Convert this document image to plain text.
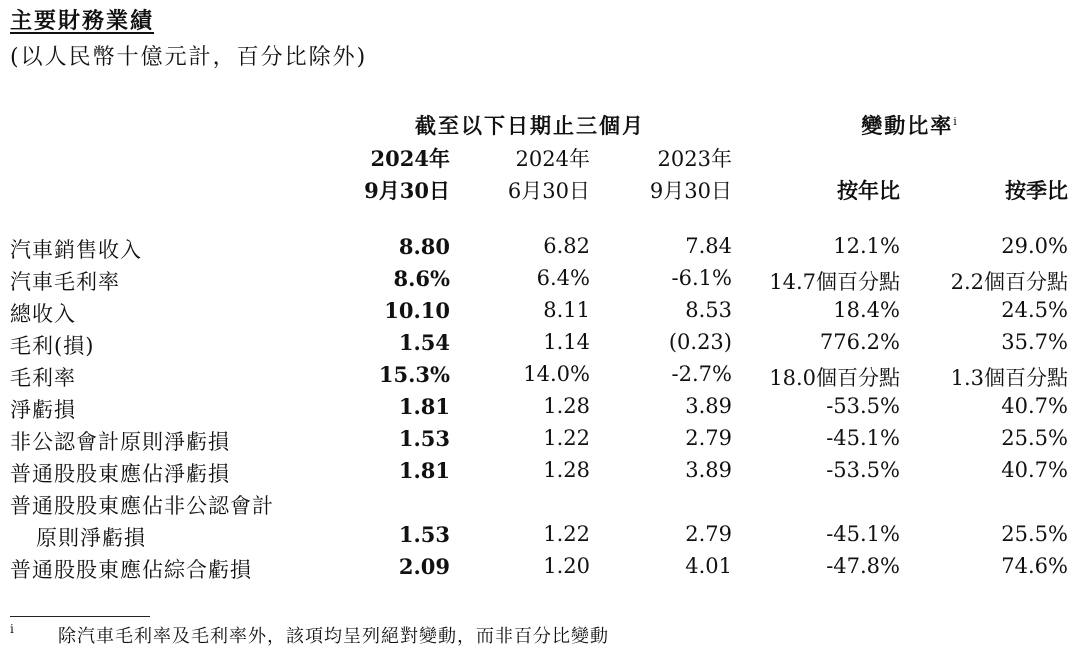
主要財務業績
(以人民幣十億元計，百分比除外)
截至以下日期止三個月	變動比率$^i$
2024年	2024年	2023年
9月30日	6月30日	9月30日	按年比	按季比
汽車銷售收入	8.80	6.82	7.84	12.1%	29.0%
汽車毛利率	8.6%	6.4%	-6.1%	14.7個百分點	2.2個百分點
總收入	10.10	8.11	8.53	18.4%	24.5%
毛利(損)	1.54	1.14	(0.23)	776.2%	35.7%
毛利率	15.3%	14.0%	-2.7%	18.0個百分點	1.3個百分點
淨虧損	1.81	1.28	3.89	-53.5%	40.7%
非公認會計原則淨虧損	1.53	1.22	2.79	-45.1%	25.5%
普通股股東應佔淨虧損	1.81	1.28	3.89	-53.5%	40.7%
普通股股東應佔非公認會計
原則淨虧損	1.53	1.22	2.79	-45.1%	25.5%
普通股股東應佔綜合虧損	2.09	1.20	4.01	-47.8%	74.6%
i 除汽車毛利率及毛利率外，該項均呈列絕對變動，而非百分比變動
